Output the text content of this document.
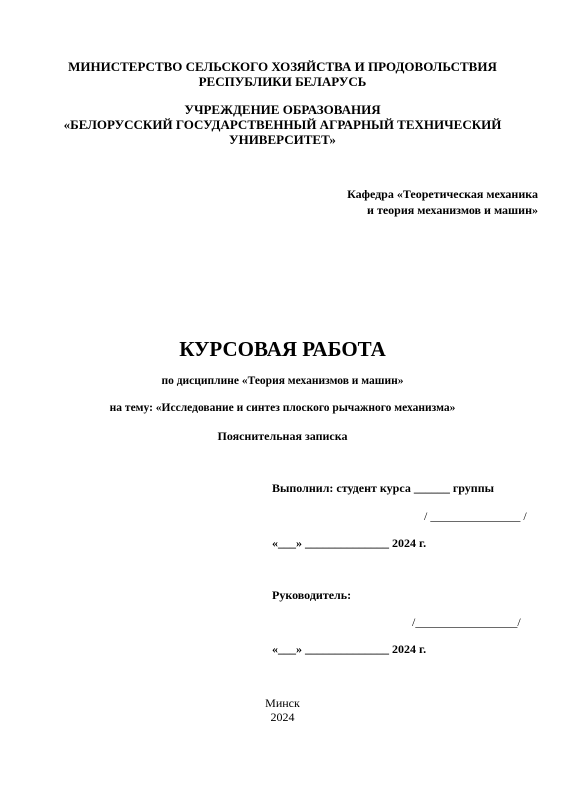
МИНИСТЕРСТВО СЕЛЬСКОГО ХОЗЯЙСТВА И ПРОДОВОЛЬСТВИЯ
РЕСПУБЛИКИ БЕЛАРУСЬ
УЧРЕЖДЕНИЕ ОБРАЗОВАНИЯ
«БЕЛОРУССКИЙ ГОСУДАРСТВЕННЫЙ АГРАРНЫЙ ТЕХНИЧЕСКИЙ
УНИВЕРСИТЕТ»
Кафедра «Теоретическая механика
и теория механизмов и машин»
КУРСОВАЯ РАБОТА
по дисциплине «Теория механизмов и машин»
на тему: «Исследование и синтез плоского рычажного механизма»
Пояснительная записка
Выполнил: студент курса ______ группы
/ _______________ /
«___» ______________ 2024 г.
Руководитель:
/_________________/
«___» ______________ 2024 г.
Минск
2024
